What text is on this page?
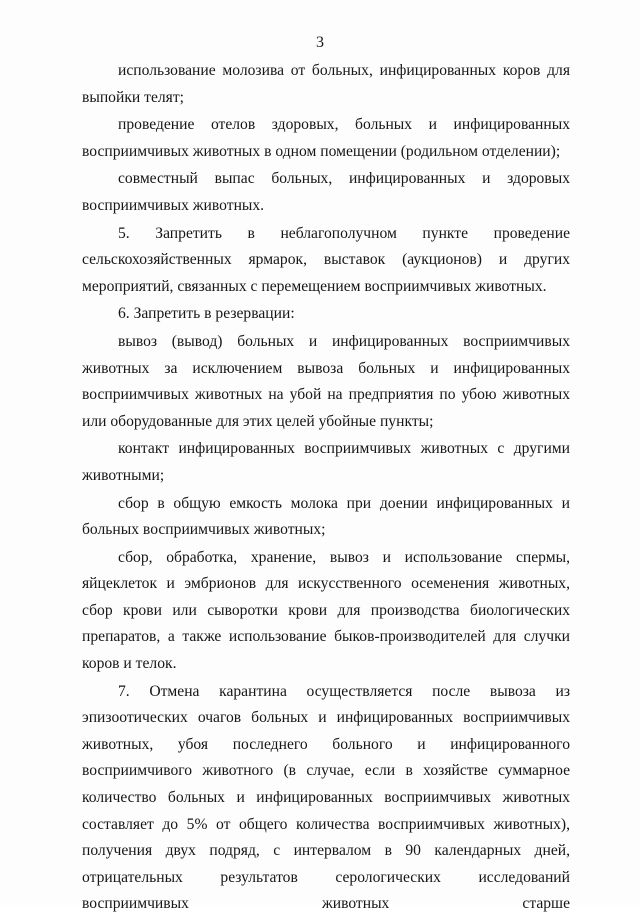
3

использование молозива от больных, инфицированных коров для выпойки телят;

проведение отелов здоровых, больных и инфицированных восприимчивых животных в одном помещении (родильном отделении);

совместный выпас больных, инфицированных и здоровых восприимчивых животных.

5. Запретить в неблагополучном пункте проведение сельскохозяйственных ярмарок, выставок (аукционов) и других мероприятий, связанных с перемещением восприимчивых животных.

6. Запретить в резервации:

вывоз (вывод) больных и инфицированных восприимчивых животных за исключением вывоза больных и инфицированных восприимчивых животных на убой на предприятия по убою животных или оборудованные для этих целей убойные пункты;

контакт инфицированных восприимчивых животных с другими животными;

сбор в общую емкость молока при доении инфицированных и больных восприимчивых животных;

сбор, обработка, хранение, вывоз и использование спермы, яйцеклеток и эмбрионов для искусственного осеменения животных, сбор крови или сыворотки крови для производства биологических препаратов, а также использование быков-производителей для случки коров и телок.

7. Отмена карантина осуществляется после вывоза из эпизоотических очагов больных и инфицированных восприимчивых животных, убоя последнего больного и инфицированного восприимчивого животного (в случае, если в хозяйстве суммарное количество больных и инфицированных восприимчивых животных составляет до 5% от общего количества восприимчивых животных), получения двух подряд, с интервалом в 90 календарных дней, отрицательных результатов серологических исследований восприимчивых животных старше
